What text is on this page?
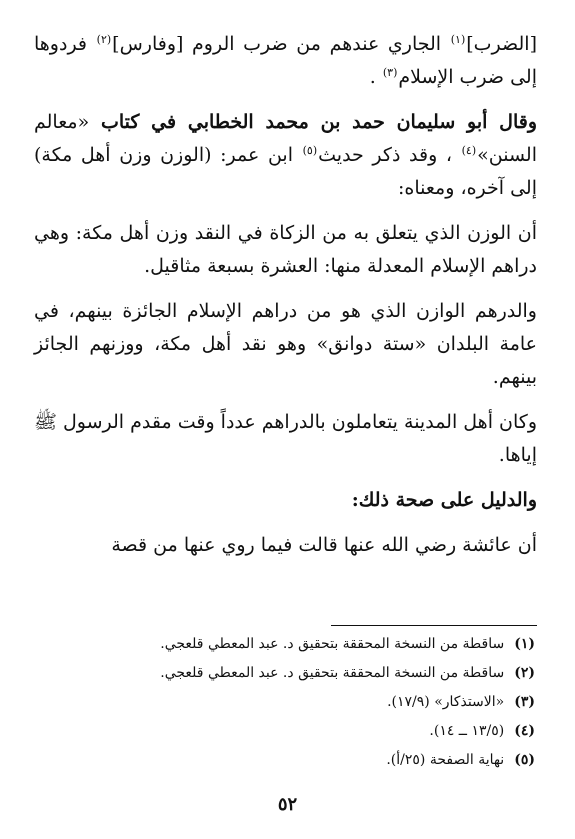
[الضرب]$^{(١)}$ الجاري عندهم من ضرب الروم [وفارس]$^{(٢)}$ فردوها إلى ضرب الإسلام$^{(٣)}$ .

وقال أبو سليمان حمد بن محمد الخطابي في كتاب «معالم السنن»$^{(٤)}$ ، وقد ذكر حديث$^{(٥)}$ ابن عمر: (الوزن وزن أهل مكة) إلى آخره، ومعناه:

أن الوزن الذي يتعلق به من الزكاة في النقد وزن أهل مكة: وهي دراهم الإسلام المعدلة منها: العشرة بسبعة مثاقيل.

والدرهم الوازن الذي هو من دراهم الإسلام الجائزة بينهم، في عامة البلدان «ستة دوانق» وهو نقد أهل مكة، ووزنهم الجائز بينهم.

وكان أهل المدينة يتعاملون بالدراهم عدداً وقت مقدم الرسول ﷺ إياها.

والدليل على صحة ذلك:

أن عائشة رضي الله عنها قالت فيما روي عنها من قصة

(١)ساقطة من النسخة المحققة بتحقيق د. عبد المعطي قلعجي.

(٢)ساقطة من النسخة المحققة بتحقيق د. عبد المعطي قلعجي.

(٣)«الاستذكار» (١٧/٩).

(٤)(١٣/٥ ــ ١٤).

(٥)نهاية الصفحة (٢٥/أ).

٥٢
